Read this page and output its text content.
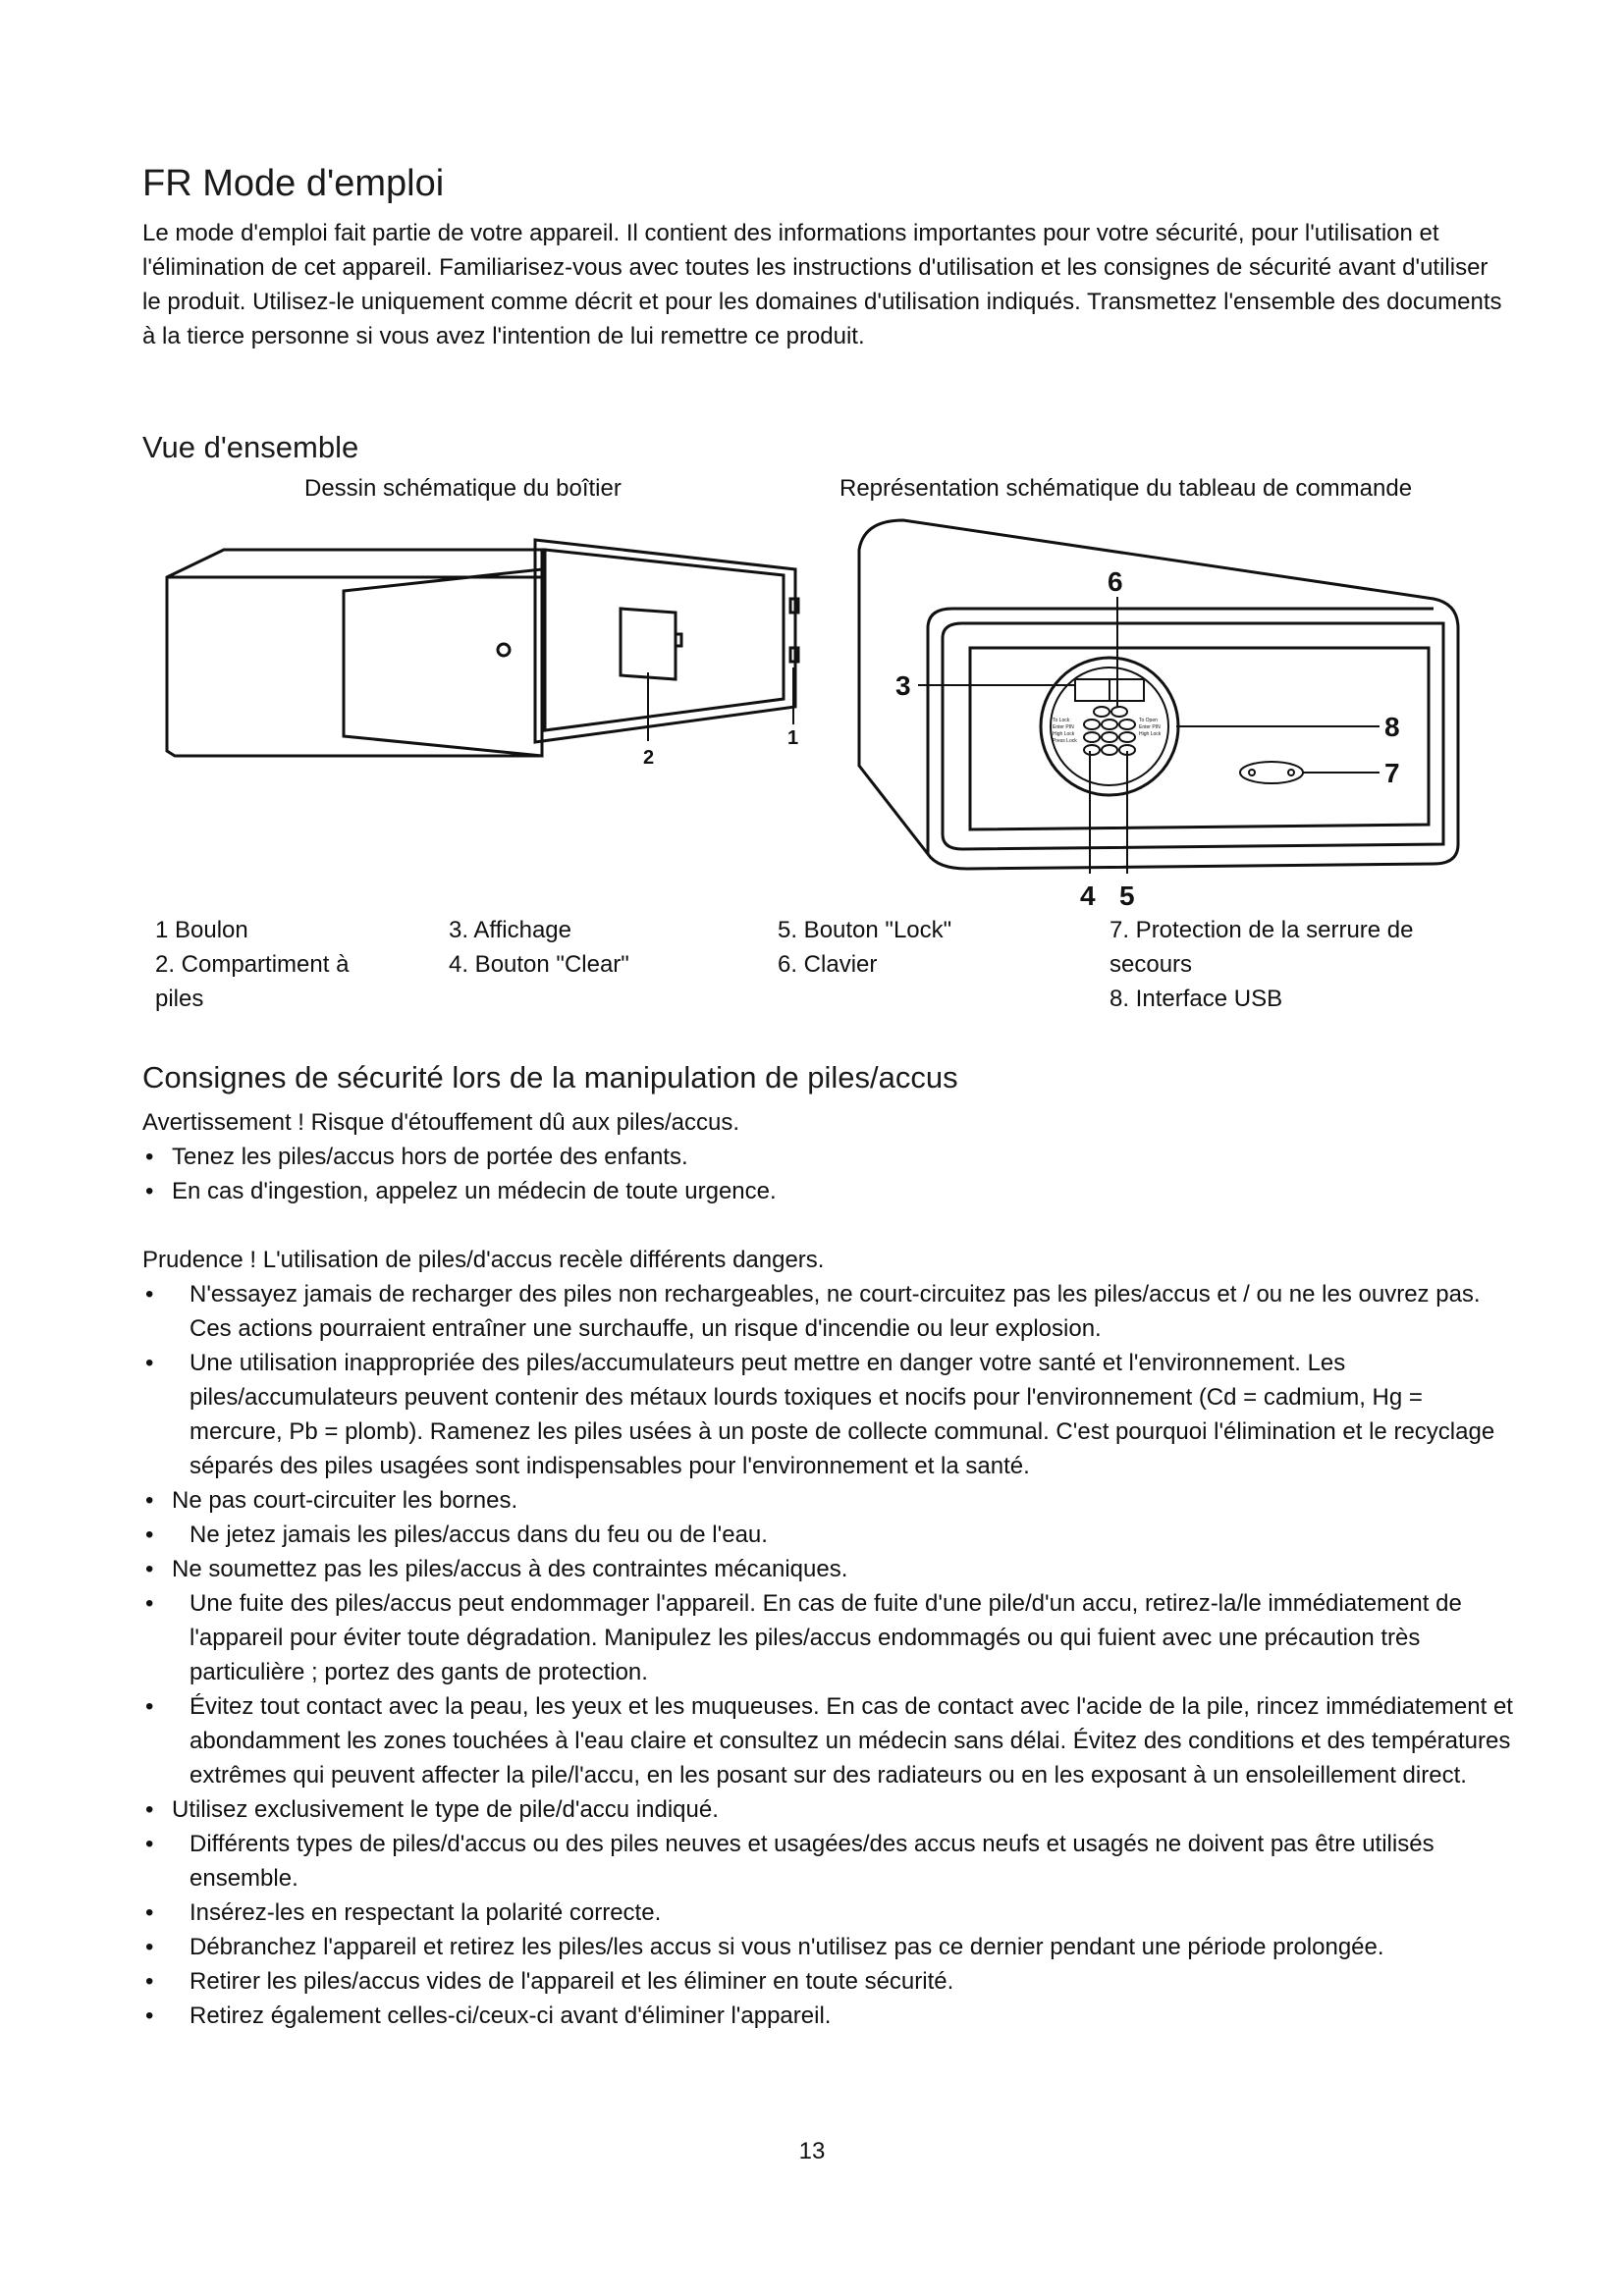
FR Mode d'emploi

Le mode d'emploi fait partie de votre appareil. Il contient des informations importantes pour votre sécurité, pour l'utilisation et l'élimination de cet appareil. Familiarisez-vous avec toutes les instructions d'utilisation et les consignes de sécurité avant d'utiliser le produit. Utilisez-le uniquement comme décrit et pour les domaines d'utilisation indiqués. Transmettez l'ensemble des documents à la tierce personne si vous avez l'intention de lui remettre ce produit.

Vue d'ensemble
Dessin schématique du boîtier	Représentation schématique du tableau de commande
2
1
To Lock
Enter PIN
High Lock
Press Lock
To Open
Enter PIN
High Lock
6
3
8
7
4 5
1 Boulon
2. Compartiment à
piles
3. Affichage
4. Bouton "Clear"
5. Bouton "Lock"
6. Clavier
7. Protection de la serrure de
secours
8. Interface USB
Consignes de sécurité lors de la manipulation de piles/accus

Avertissement ! Risque d'étouffement dû aux piles/accus.

• Tenez les piles/accus hors de portée des enfants.
• En cas d'ingestion, appelez un médecin de toute urgence.

Prudence ! L'utilisation de piles/d'accus recèle différents dangers.

• N'essayez jamais de recharger des piles non rechargeables, ne court-circuitez pas les piles/accus et / ou ne les ouvrez pas. Ces actions pourraient entraîner une surchauffe, un risque d'incendie ou leur explosion.
• Une utilisation inappropriée des piles/accumulateurs peut mettre en danger votre santé et l'environnement. Les piles/accumulateurs peuvent contenir des métaux lourds toxiques et nocifs pour l'environnement (Cd = cadmium, Hg = mercure, Pb = plomb). Ramenez les piles usées à un poste de collecte communal. C'est pourquoi l'élimination et le recyclage séparés des piles usagées sont indispensables pour l'environnement et la santé.
• Ne pas court-circuiter les bornes.
• Ne jetez jamais les piles/accus dans du feu ou de l'eau.
• Ne soumettez pas les piles/accus à des contraintes mécaniques.
• Une fuite des piles/accus peut endommager l'appareil. En cas de fuite d'une pile/d'un accu, retirez-la/le immédiatement de l'appareil pour éviter toute dégradation. Manipulez les piles/accus endommagés ou qui fuient avec une précaution très particulière ; portez des gants de protection.
• Évitez tout contact avec la peau, les yeux et les muqueuses. En cas de contact avec l'acide de la pile, rincez immédiatement et abondamment les zones touchées à l'eau claire et consultez un médecin sans délai. Évitez des conditions et des températures extrêmes qui peuvent affecter la pile/l'accu, en les posant sur des radiateurs ou en les exposant à un ensoleillement direct.
• Utilisez exclusivement le type de pile/d'accu indiqué.
• Différents types de piles/d'accus ou des piles neuves et usagées/des accus neufs et usagés ne doivent pas être utilisés ensemble.
• Insérez-les en respectant la polarité correcte.
• Débranchez l'appareil et retirez les piles/les accus si vous n'utilisez pas ce dernier pendant une période prolongée.
• Retirer les piles/accus vides de l'appareil et les éliminer en toute sécurité.
• Retirez également celles-ci/ceux-ci avant d'éliminer l'appareil.
13
